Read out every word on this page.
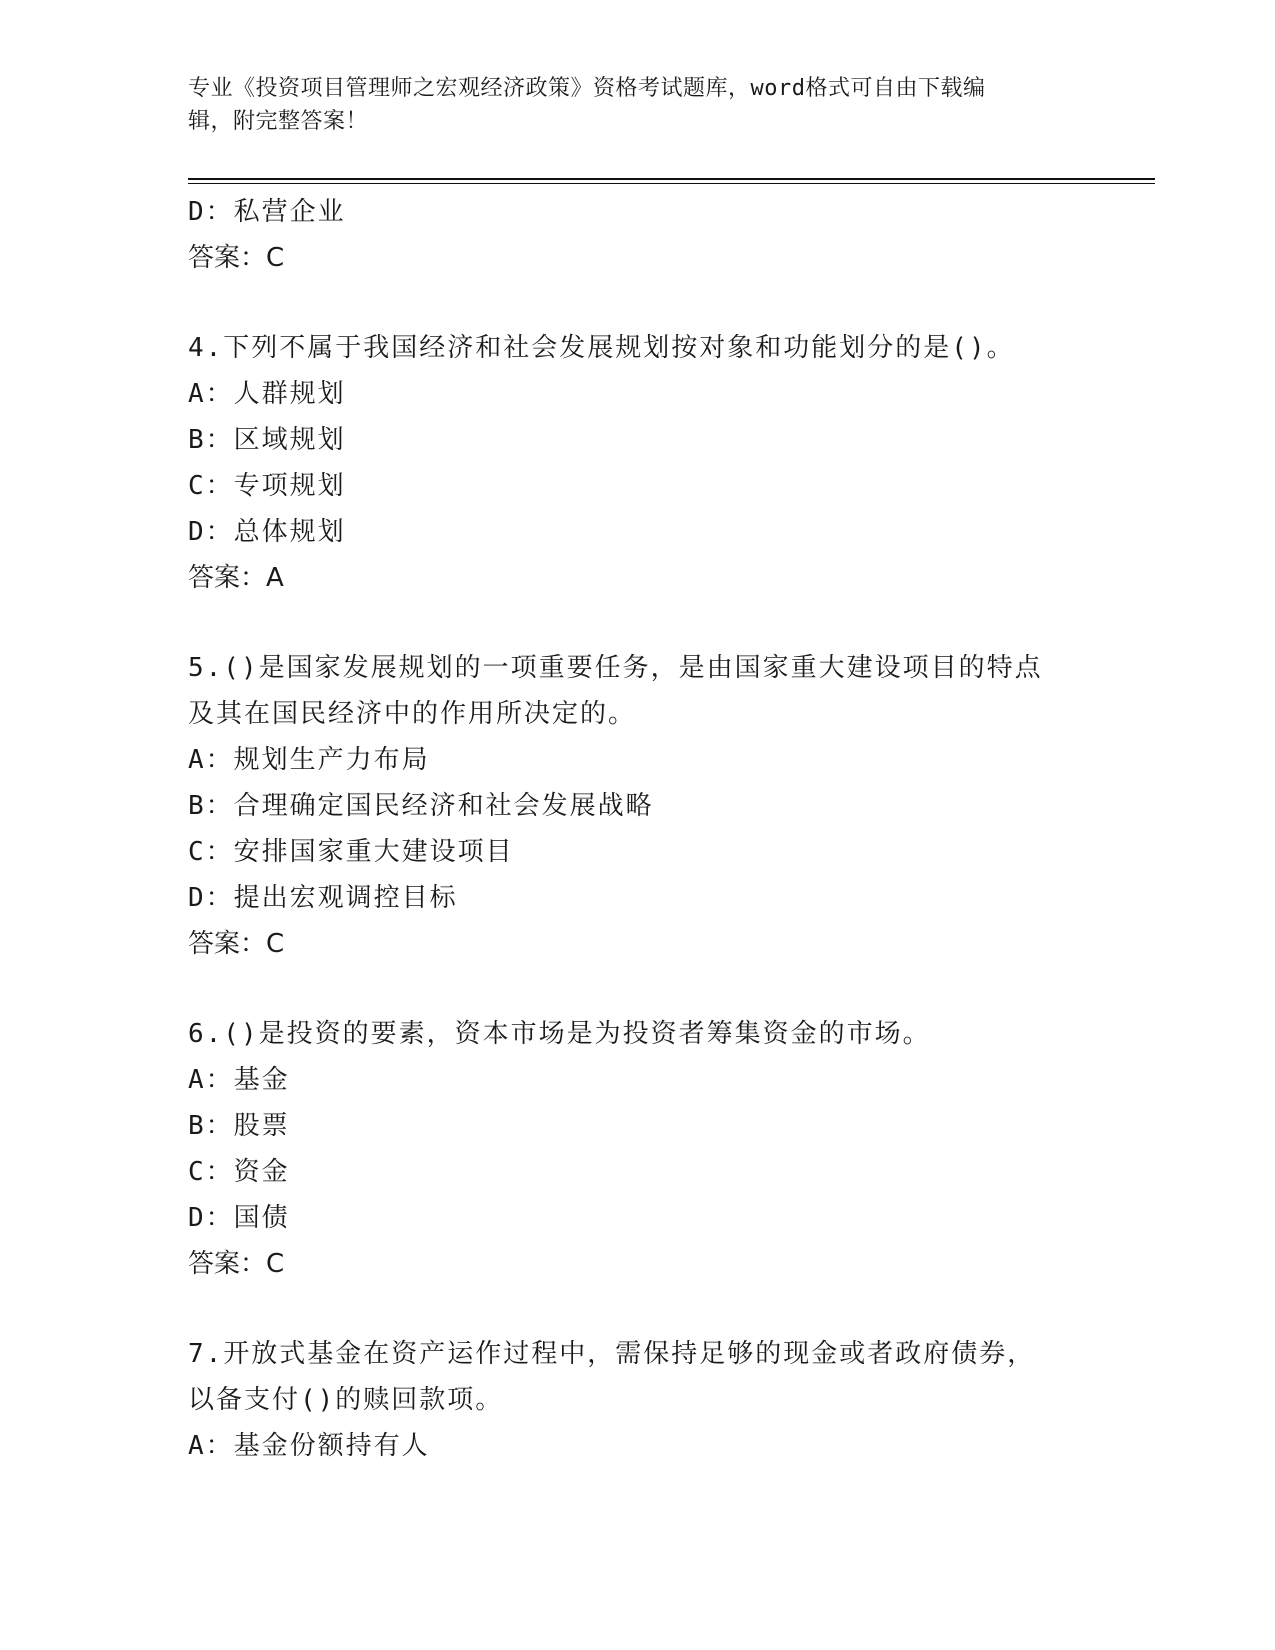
专业《投资项目管理师之宏观经济政策》资格考试题库，word格式可自由下载编
辑，附完整答案！
D：私营企业
答案：C
4.下列不属于我国经济和社会发展规划按对象和功能划分的是()。
A：人群规划
B：区域规划
C：专项规划
D：总体规划
答案：A
5.()是国家发展规划的一项重要任务，是由国家重大建设项目的特点
及其在国民经济中的作用所决定的。
A：规划生产力布局
B：合理确定国民经济和社会发展战略
C：安排国家重大建设项目
D：提出宏观调控目标
答案：C
6.()是投资的要素，资本市场是为投资者筹集资金的市场。
A：基金
B：股票
C：资金
D：国债
答案：C
7.开放式基金在资产运作过程中，需保持足够的现金或者政府债券，
以备支付()的赎回款项。
A：基金份额持有人
